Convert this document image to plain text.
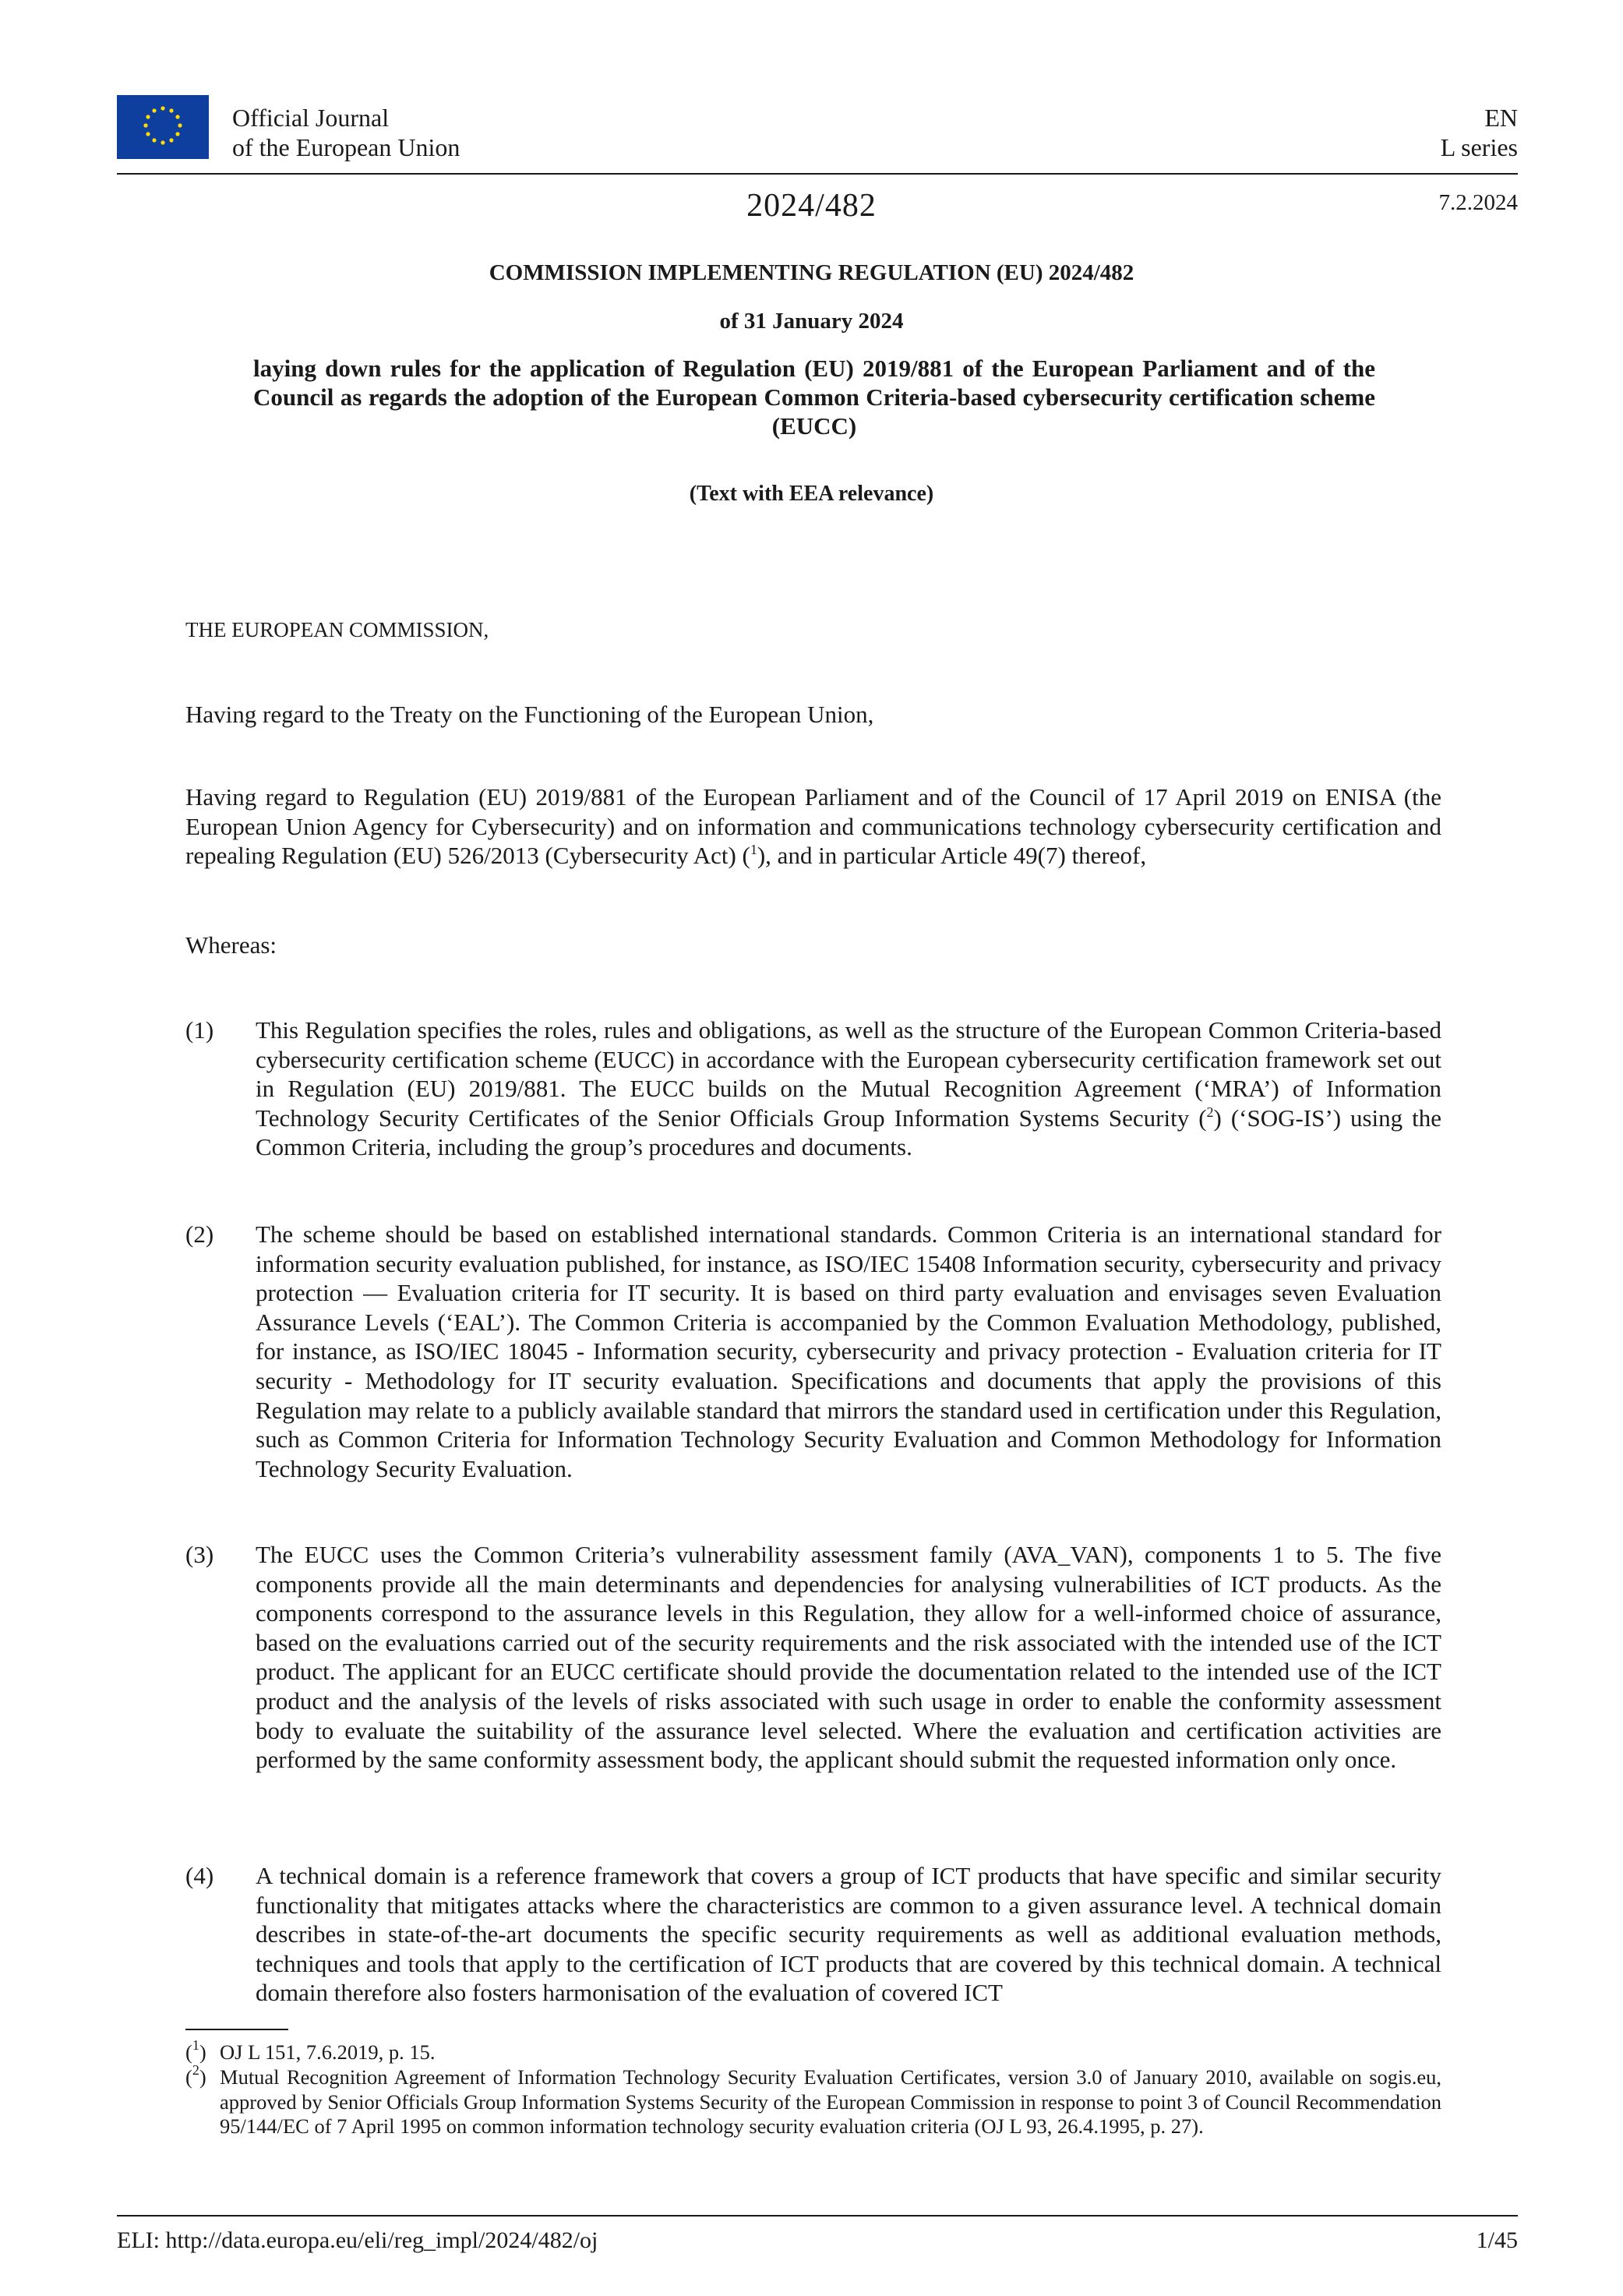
Official Journal
of the European Union
EN
L series
2024/482	7.2.2024
COMMISSION IMPLEMENTING REGULATION (EU) 2024/482
of 31 January 2024
laying down rules for the application of Regulation (EU) 2019/881 of the European Parliament and of the Council as regards the adoption of the European Common Criteria-based cybersecurity certification scheme (EUCC)
(Text with EEA relevance)
THE EUROPEAN COMMISSION,
Having regard to the Treaty on the Functioning of the European Union,
Having regard to Regulation (EU) 2019/881 of the European Parliament and of the Council of 17 April 2019 on ENISA (the European Union Agency for Cybersecurity) and on information and communications technology cybersecurity certification and repealing Regulation (EU) 526/2013 (Cybersecurity Act) ($^1$), and in particular Article 49(7) thereof,
Whereas:
(1) This Regulation specifies the roles, rules and obligations, as well as the structure of the European Common Criteria-based cybersecurity certification scheme (EUCC) in accordance with the European cybersecurity certification framework set out in Regulation (EU) 2019/881. The EUCC builds on the Mutual Recognition Agreement (‘MRA’) of Information Technology Security Certificates of the Senior Officials Group Information Systems Security ($^2$) (‘SOG-IS’) using the Common Criteria, including the group’s procedures and documents.
(2) The scheme should be based on established international standards. Common Criteria is an international standard for information security evaluation published, for instance, as ISO/IEC 15408 Information security, cybersecurity and privacy protection — Evaluation criteria for IT security. It is based on third party evaluation and envisages seven Evaluation Assurance Levels (‘EAL’). The Common Criteria is accompanied by the Common Evaluation Methodology, published, for instance, as ISO/IEC 18045 - Information security, cybersecurity and privacy protection - Evaluation criteria for IT security - Methodology for IT security evaluation. Specifications and documents that apply the provisions of this Regulation may relate to a publicly available standard that mirrors the standard used in certification under this Regulation, such as Common Criteria for Information Technology Security Evaluation and Common Methodology for Information Technology Security Evaluation.
(3) The EUCC uses the Common Criteria’s vulnerability assessment family (AVA_VAN), components 1 to 5. The five components provide all the main determinants and dependencies for analysing vulnerabilities of ICT products. As the components correspond to the assurance levels in this Regulation, they allow for a well-informed choice of assurance, based on the evaluations carried out of the security requirements and the risk associated with the intended use of the ICT product. The applicant for an EUCC certificate should provide the documentation related to the intended use of the ICT product and the analysis of the levels of risks associated with such usage in order to enable the conformity assessment body to evaluate the suitability of the assurance level selected. Where the evaluation and certification activities are performed by the same conformity assessment body, the applicant should submit the requested information only once.
(4) A technical domain is a reference framework that covers a group of ICT products that have specific and similar security functionality that mitigates attacks where the characteristics are common to a given assurance level. A technical domain describes in state-of-the-art documents the specific security requirements as well as additional evaluation methods, techniques and tools that apply to the certification of ICT products that are covered by this technical domain. A technical domain therefore also fosters harmonisation of the evaluation of covered ICT
($^1$) OJ L 151, 7.6.2019, p. 15.
($^2$) Mutual Recognition Agreement of Information Technology Security Evaluation Certificates, version 3.0 of January 2010, available on sogis.eu, approved by Senior Officials Group Information Systems Security of the European Commission in response to point 3 of Council Recommendation 95/144/EC of 7 April 1995 on common information technology security evaluation criteria (OJ L 93, 26.4.1995, p. 27).
ELI: http://data.europa.eu/eli/reg_impl/2024/482/oj	1/45
